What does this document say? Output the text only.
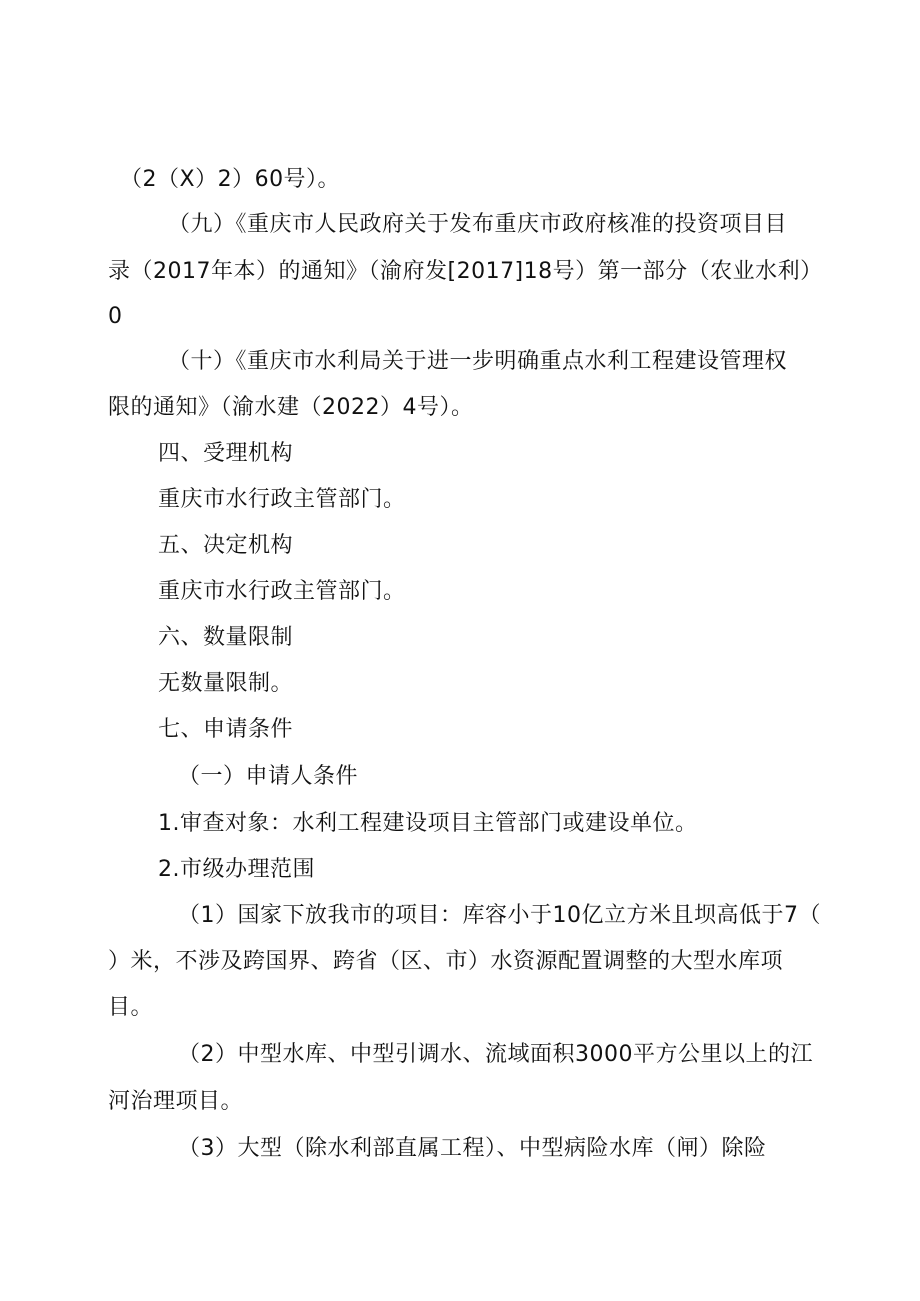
（2（X）2）60号）。
（九）《重庆市人民政府关于发布重庆市政府核准的投资项目目
录（2017年本）的通知》（渝府发[2017]18号）第一部分（农业水利）
0
（十）《重庆市水利局关于进一步明确重点水利工程建设管理权
限的通知》（渝水建（2022）4号）。
四、受理机构
重庆市水行政主管部门。
五、决定机构
重庆市水行政主管部门。
六、数量限制
无数量限制。
七、申请条件
（一）申请人条件
1.审查对象：水利工程建设项目主管部门或建设单位。
2.市级办理范围
（1）国家下放我市的项目：库容小于10亿立方米且坝高低于7（
）米，不涉及跨国界、跨省（区、市）水资源配置调整的大型水库项
目。
（2）中型水库、中型引调水、流域面积3000平方公里以上的江
河治理项目。
（3）大型（除水利部直属工程）、中型病险水库（闸）除险
